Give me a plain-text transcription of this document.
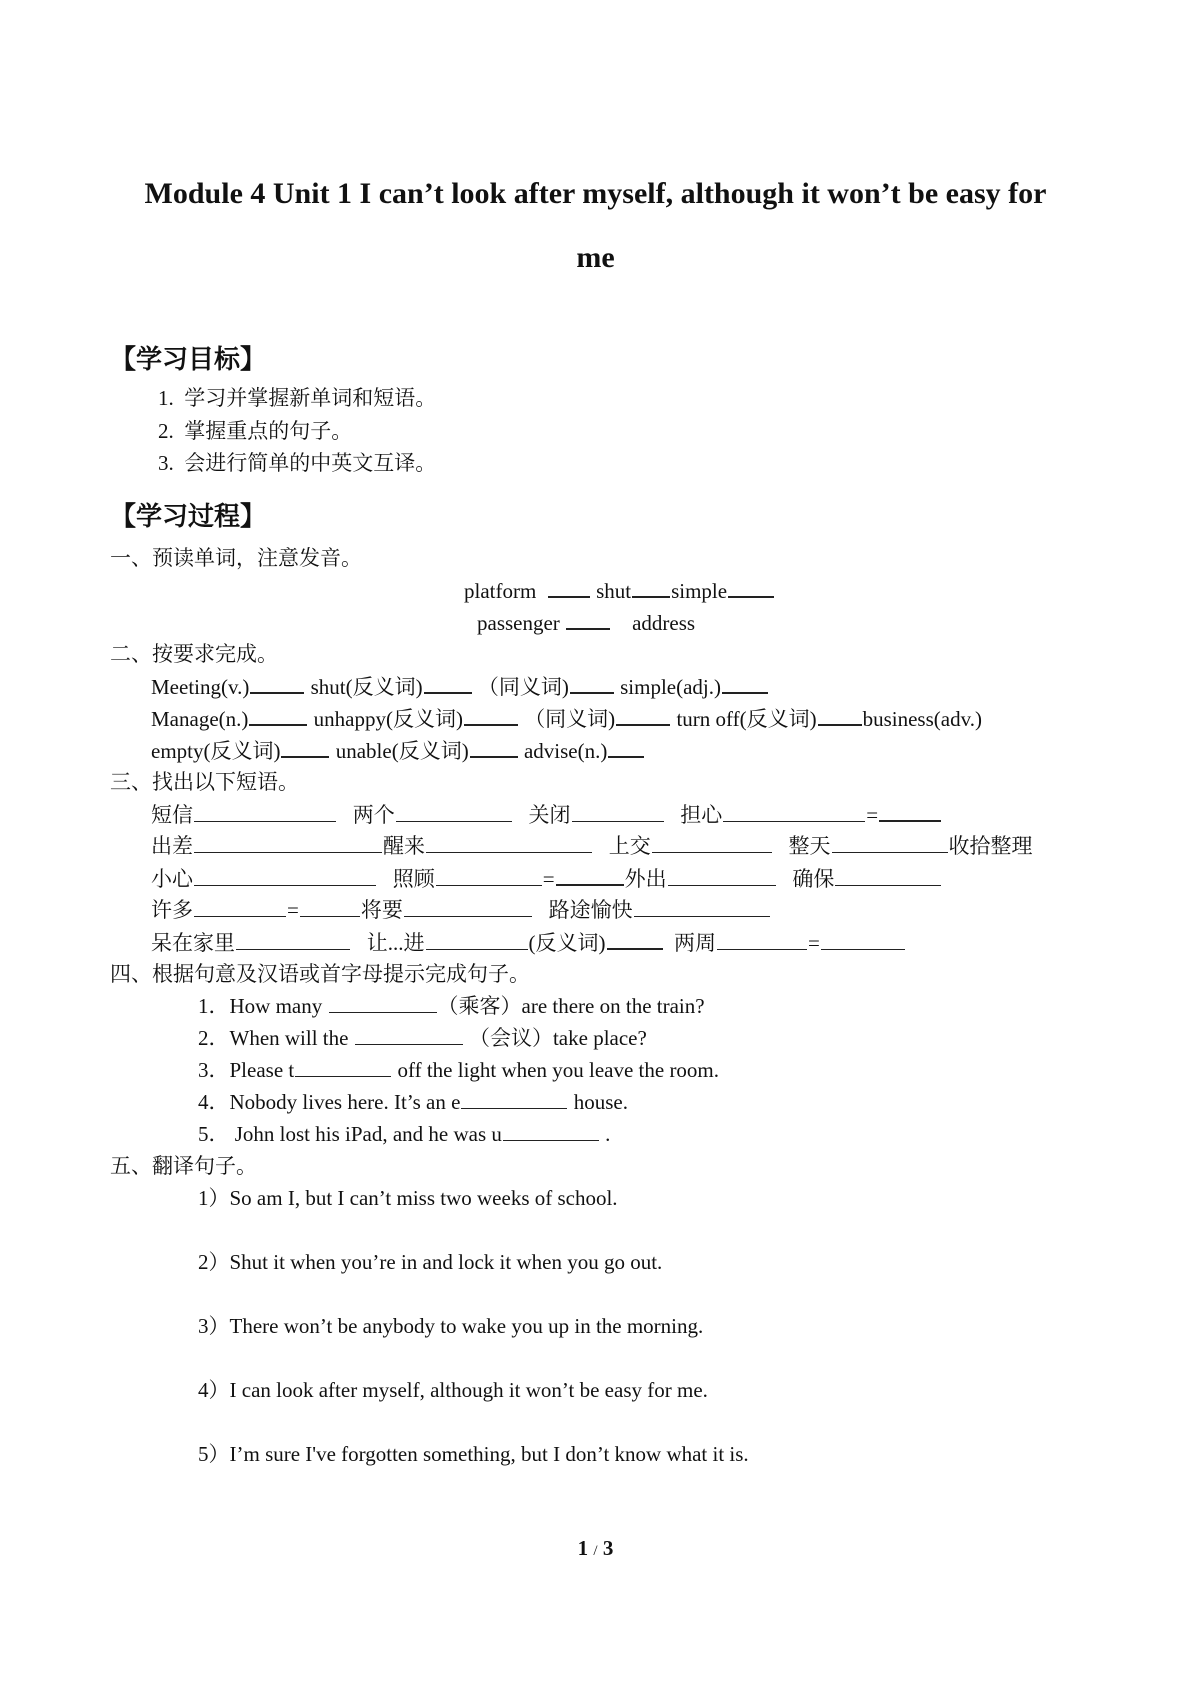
Module 4 Unit 1 I can’t look after myself, although it won’t be easy for
me
【学习目标】
1. 学习并掌握新单词和短语。
2. 掌握重点的句子。
3. 会进行简单的中英文互译。
【学习过程】
一、预读单词，注意发音。
platform	shut simple
passenger	address
二、按要求完成。
Meeting(v.)	shut(反义词)	（同义词) simple(adj.)
Manage(n.)	unhappy(反义词)	（同义词)	turn off(反义词) business(adv.)
empty(反义词)	unable(反义词)	advise(n.)
三、找出以下短语。
短信	两个	关闭	担心	=
出差	醒来	上交	整天	收拾整理
小心	照顾	=	外出	确保
许多	=	将要	路途愉快
呆在家里	让...进	(反义词)	两周	=
四、根据句意及汉语或首字母提示完成句子。
1．How many	（乘客）are there on the train?
2．When will the	（会议）take place?
3．Please t	off the light when you leave the room.
4．Nobody lives here. It’s an e	house.
5． John lost his iPad, and he was u	.
五、翻译句子。
1）So am I, but I can’t miss two weeks of school.
2）Shut it when you’re in and lock it when you go out.
3）There won’t be anybody to wake you up in the morning.
4）I can look after myself, although it won’t be easy for me.
5）I’m sure I've forgotten something, but I don’t know what it is.
1 / 3
